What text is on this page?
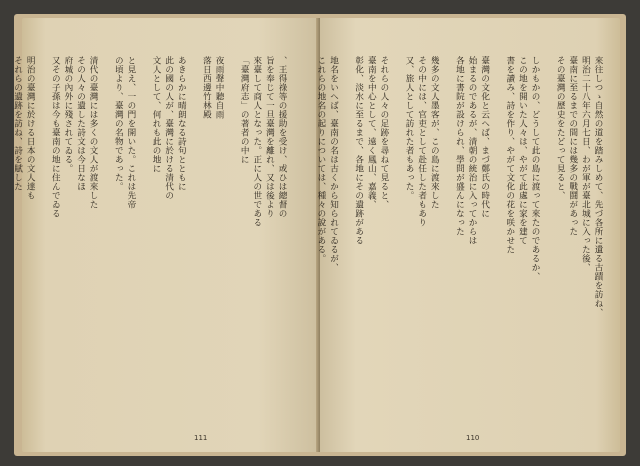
、王得祿等の援助を受け、或ひは總督の

旨を奉じて一旦臺灣を離れ、又は後より

來臺して商人となった。正に人の世である

「臺灣府志」の著者の中に

夜雨聲中聽自雨

落日西邊竹林殿

あきらかに晴朗なる詩句とともに

此の國の人が、臺灣に於ける清代の

文人として、何れも此の地に

と見え、一の門を開いた。これは先帝

の頃より、臺灣の名物であった。

清代の臺灣には多くの文人が渡來した

その人々の遺した詩文は今日なほ

府城の內外に殘されてゐる。

又その子孫は今も臺南の地に住んでゐる

明治の臺灣に於ける日本の文人達も

それらの遺跡を訪ね、詩を賦した

111

來往しつゝ自然の道を踏みしめて、先づ各所に遺る古蹟を訪ね、

明治二十八年六月七日、わが軍が臺北城に入った後、

臺南に至るまでの間には幾多の戰鬪があった

その臺灣の歷史をたどって見ると、

しかもかの、どうして此の島に渡って來たのであるか、

この地を開いた人々は、やがて此處に家を建て

書を讀み、詩を作り、やがて文化の花を咲かせた

臺灣の文化と云へば、まづ鄭氏の時代に

始まるのであるが、清朝の統治に入ってからは

各地に書院が設けられ、學問が盛んになった

幾多の文人墨客が、この島に渡來した

その中には、官吏として赴任した者もあり

又、旅人として訪れた者もあった。

それらの人々の足跡を尋ねて見ると、

臺南を中心として、遠く鳳山、嘉義、

彰化、淡水に至るまで、各地にその遺跡がある

地名をいへば、臺南の名は古くから知られてゐるが、

これらの地名の起りについては、種々の說がある。

110
